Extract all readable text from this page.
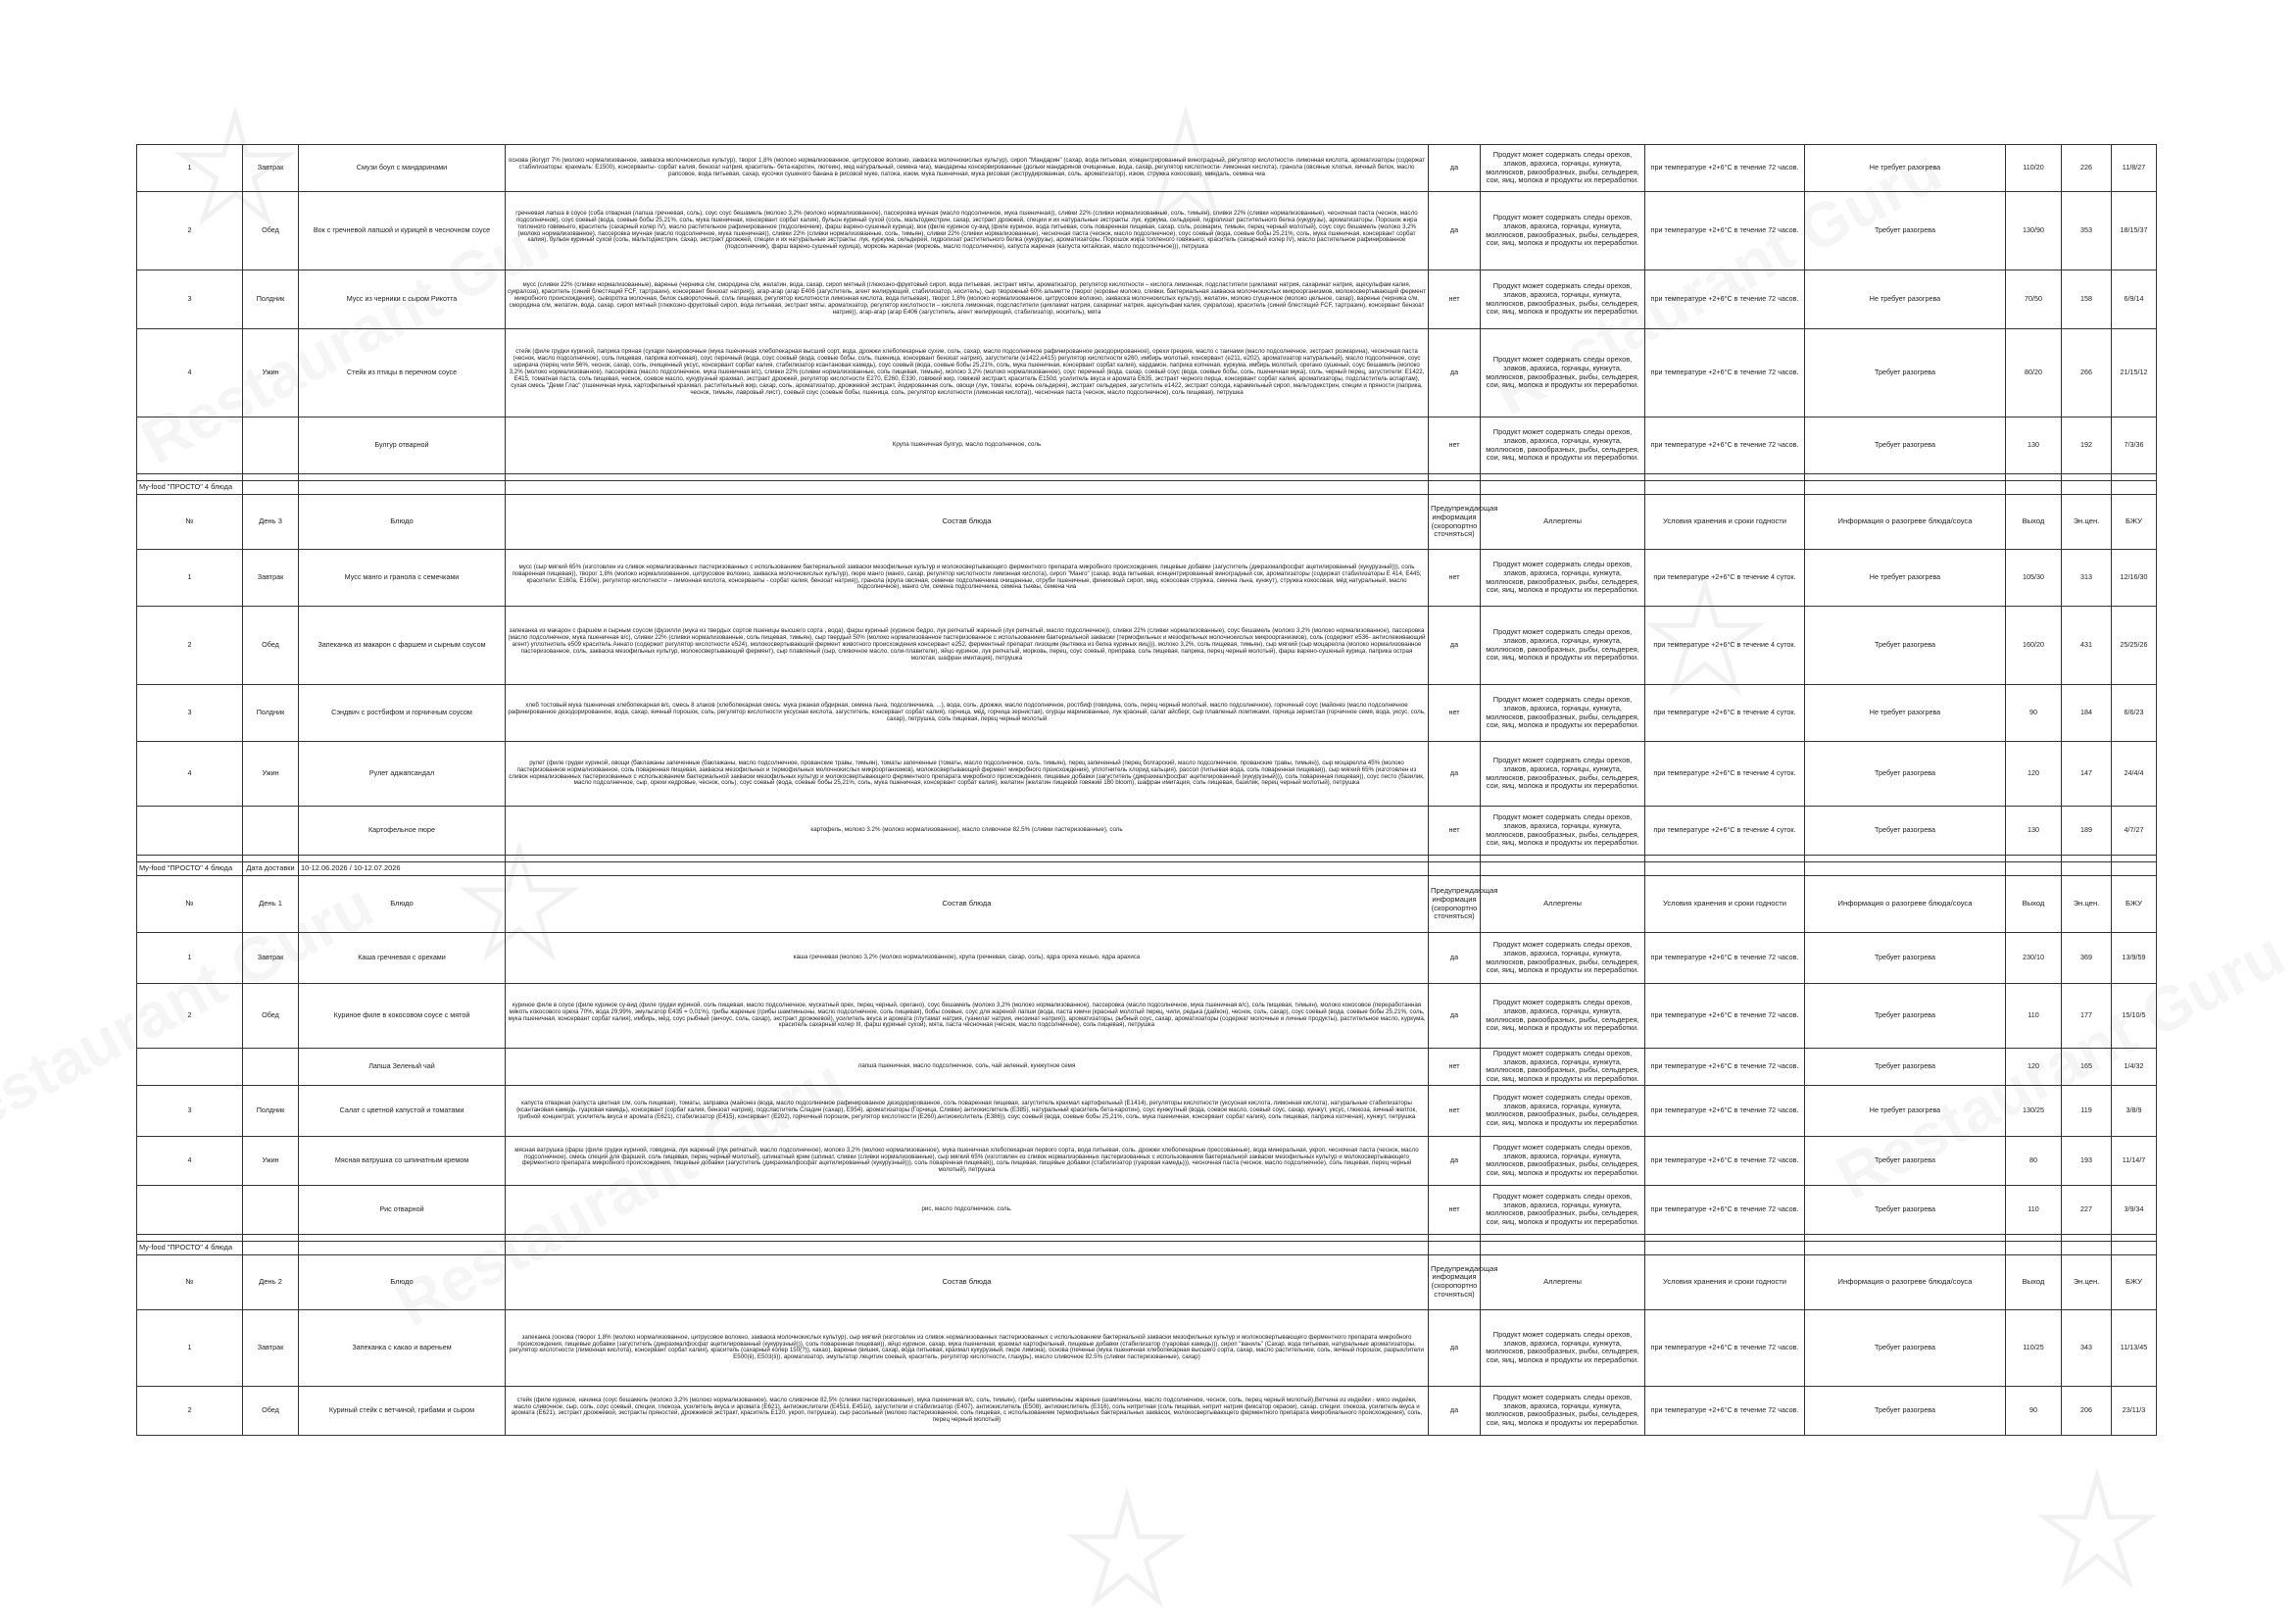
1	Завтрак	Смузи боул с мандаринами	основа (йогурт 7% (молоко нормализованное, закваска молочнокислых культур), творог 1,8% (молоко нормализованное, цитрусовое волокно, закваска молочнокислых культур), сироп "Мандарин" (сахар, вода питьевая, концентрированный виноградный, регулятор кислотности- лимонная кислота, ароматизаторы (содержат стабилизаторы: крахмаль: E1500), консерванты- сорбат калия, бензоат натрия, краситель- бета-каротин, лютеин), мед натуральный, семена чиа), мандарины консервированные (дольки мандаринов очищенные, вода, сахар, регулятор кислотности- лимонная кислота), гранола (овсяные хлопья, яичный белок, масло рапсовое, вода питьевая, сахар, кусочки сушеного банана в рисовой муке, патока, изюм, мука пшеничная, мука рисовая (экструдированная, соль, ароматизатор), изюм, стружка кокосовая), миндаль, семена чиа	да	Продукт может содержать следы орехов, злаков, арахиса, горчицы, кунжута, моллюсков, ракообразных, рыбы, сельдерея, сои, яиц, молока и продукты их переработки.	при температуре +2+6°C в течение 72 часов.	Не требует разогрева	110/20	226	11/8/27
2	Обед	Вок с гречневой лапшой и курицей в чесночном соусе	гречневая лапша в соусе (соба отварная (лапша гречневая, соль), соус соус бешамель (молоко 3,2% (молоко нормализованное), пассеровка мучная (масло подсолнечное, мука пшеничная)), сливки 22% (сливки нормализованные, соль, тимьян), сливки 22% (сливки нормализованные), чесночная паста (чеснок, масло подсолнечное), соус соевый (вода, соевые бобы 25,21%, соль, мука пшеничная, консервант сорбат калия), бульон куриный сухой (соль, мальтодекстрин, сахар, экстракт дрожжей, специи и их натуральные экстракты: лук, куркума, сельдерей, гидролизат растительного белка (кукурузы), ароматизаторы. Порошок жира топленого говяжьего, краситель (сахарный колер IV), масло растительное рафинированное (подсолнечник), фарш варено-сушеный курица), вок (филе куриное су-вид (филе куриное, вода питьевая, соль поваренная пищевая, сахар, соль, розмарин, тимьян, перец черный молотый), соус соус бешамель (молоко 3,2% (молоко нормализованное), пассеровка мучная (масло подсолнечное, мука пшеничная)), сливки 22% (сливки нормализованные, соль, тимьян), сливки 22% (сливки нормализованные), чесночная паста (чеснок, масло подсолнечное), соус соевый (вода, соевые бобы 25,21%, соль, мука пшеничная, консервант сорбат калия), бульон куриный сухой (соль, мальтодекстрин, сахар, экстракт дрожжей, специи и их натуральные экстракты: лук, куркума, сельдерей, гидролизат растительного белка (кукурузы), ароматизаторы. Порошок жира топленого говяжьего, краситель (сахарный колер IV), масло растительное рафинированное (подсолнечник), фарш варено-сушеный курица), морковь жареная (морковь, масло подсолнечное), капуста жареная (капуста китайская, масло подсолнечное))), петрушка	да	Продукт может содержать следы орехов, злаков, арахиса, горчицы, кунжута, моллюсков, ракообразных, рыбы, сельдерея, сои, яиц, молока и продукты их переработки.	при температуре +2+6°C в течение 72 часов.	Требует разогрева	130/90	353	18/15/37
3	Полдник	Мусс из черники с сыром Рикотта	мусс (сливки 22% (сливки нормализованные), варенье (черника с/м, смородина с/м, желатин, вода, сахар, сироп мятный (глюкозно-фруктовый сироп, вода питьевая, экстракт мяты, ароматизатор, регулятор кислотности – кислота лимонная, подсластители (цикламат натрия, сахаринат натрия, ацесульфам калия, сукралоза), краситель (синий блестящий FCF, тартразин), консервант бензоат натрия)), агар-агар (агар E406 (загуститель, агент желирующий, стабилизатор, носитель), сыр творожный 60% альметте (творог (коровье молоко, сливки, бактериальная закваска молочнокислых микроорганизмов, молокосвертывающий фермент микробного происхождения), сыворотка молочная, белок сывороточный, соль пищевая, регулятор кислотности лимонная кислота, вода питьевая), творог 1,8% (молоко нормализованное, цитрусовое волокно, закваска молочнокислых культур), желатин, молоко сгущенное (молоко цельное, сахар), варенье (черника с/м, смородина с/м, желатин, вода, сахар, сироп мятный (глюкозно-фруктовый сироп, вода питьевая, экстракт мяты, ароматизатор, регулятор кислотности – кислота лимонная, подсластители (цикламат натрия, сахаринат натрия, ацесульфам калия, сукралоза), краситель (синий блестящий FCF, тартразин), консервант бензоат натрия)), агар-агар (агар E406 (загуститель, агент желирующий, стабилизатор, носитель), мята	нет	Продукт может содержать следы орехов, злаков, арахиса, горчицы, кунжута, моллюсков, ракообразных, рыбы, сельдерея, сои, яиц, молока и продукты их переработки.	при температуре +2+6°C в течение 72 часов.	Не требует разогрева	70/50	158	6/9/14
4	Ужин	Стейк из птицы в перечном соусе	стейк (филе грудки куриной, паприка пряная (сухари панировочные (мука пшеничная хлебопекарная высший сорт, вода, дрожжи хлебопекарные сухие, соль, сахар, масло подсолнечное рафинированное дезодорированное), орехи грецкие, масло с таинами (масло подсолнечное, экстракт розмарина), чесночная паста (чеснок, масло подсолнечное), соль пищевая, паприка копченая), соус перечный (вода, соус соевый (вода, соевые бобы, соль, пшеница, консервант бензоат натрия), загустители (е1422,е415) регулятор кислотности е260, имбирь молотый, консервант (е211, е202), ароматизатор натуральный), масло подсолнечное, соус шрирача (перец чили 56%, чеснок, сахар, соль, очищенный уксус, консервант сорбат калия, стабилизатор ксантановая камедь), соус соевый (вода, соевые бобы 25,21%, соль, мука пшеничная, консервант сорбат калия), кардамон, паприка копченая, куркума, имбирь молотый, орегано сушеный, соус бешамель (молоко 3,2% (молоко нормализованное), пассеровка (масло подсолнечное, мука пшеничная в/с), сливки 22% (сливки нормализованные, соль пищевая, тимьян), молоко 3,2% (молоко нормализованное), соус перечный (вода, сахар, соевый соус (вода, соевые бобы, соль, пшеничная мука), соль, черный перец, загустители: Е1422, Е415, томатная паста, соль пищевая, чеснок, соевое масло, кукурузный крахмал, экстракт дрожжей, регулятор кислотности Е270, Е260, Е330, говяжий жир, говяжий экстракт, краситель Е150d, усилитель вкуса и аромата Е635, экстракт черного перца, консервант сорбат калия, ароматизаторы, подсластитель аспартам), сухая смесь "Деми Глас" (пшеничная мука, картофельный крахмал, растительный жир, сахар, соль, ароматизатор, дрожжевой экстракт, йодированная соль, овощи (лук, томаты, корень сельдерея), экстракт сельдерея, загуститель е1422, экстракт солода, карамельный сироп, мальтодекстрин, специи и пряности (паприка, чеснок, тимьян, лавровый лист), соевый соус (соевые бобы, пшеница, соль, регулятор кислотности (лимонная кислота)), чесночная паста (чеснок, масло подсолнечное), соль пищевая), петрушка	да	Продукт может содержать следы орехов, злаков, арахиса, горчицы, кунжута, моллюсков, ракообразных, рыбы, сельдерея, сои, яиц, молока и продукты их переработки.	при температуре +2+6°C в течение 72 часов.	Требует разогрева	80/20	266	21/15/12
		Булгур отварной	Крупа пшеничная булгур, масло подсолнечное, соль	нет	Продукт может содержать следы орехов, злаков, арахиса, горчицы, кунжута, моллюсков, ракообразных, рыбы, сельдерея, сои, яиц, молока и продукты их переработки.	при температуре +2+6°C в течение 72 часов.	Требует разогрева	130	192	7/3/36

My-food "ПРОСТО" 4 блюда										
№	День 3	Блюдо	Состав блюда	Предупреждающая информация (скоропортно сточняться)	Аллергены	Условия хранения и сроки годности	Информация о разогреве блюда/соуса	Выход	Эн.цен.	БЖУ
1	Завтрак	Мусс манго и гранола с семечками	мусс (сыр мягкий 65% (изготовлен из сливок нормализованных пастеризованных с использованием бактериальной закваски мезофильных культур и молокосвертывающего ферментного препарата микробного происхождения, пищевые добавки (загуститель (дикрахмалфосфат ацетилированный (кукурузный))), соль поваренная пищевая)), творог 1,8% (молоко нормализованное, цитрусовое волокно, закваска молочнокислых культур), пюре манго (манго, сахар, регулятор кислотности лимонная кислота), сироп "Манго" (сахар, вода питьевая, концентрированный виноградный сок, ароматизаторы (содержат стабилизаторы Е 414, Е445; красители: Е160а, Е160е), регулятор кислотности – лимонная кислота, консерванты - сорбат калия, бензоат натрия)), гранола (крупа овсяная, семечки подсолнечника очищенные, отруби пшеничные, финиковый сироп, мед, кокосовая стружка, семена льна, кунжут), стружка кокосовая, мёд натуральный, масло подсолнечное), манго с/м, семена подсолнечника, семена тыквы, семена чиа	нет	Продукт может содержать следы орехов, злаков, арахиса, горчицы, кунжута, моллюсков, ракообразных, рыбы, сельдерея, сои, яиц, молока и продукты их переработки.	при температуре +2+6°C в течение 4 суток.	Не требует разогрева	105/30	313	12/16/30
2	Обед	Запеканка из макарон с фаршем и сырным соусом	запеканка из макарон с фаршем и сырным соусом (фузилли (мука из твердых сортов пшеницы высшего сорта , вода), фарш куриный (куриное бедро, лук репчатый жареный (лук репчатый, масло подсолнечное)), сливки 22% (сливки нормализованные), соус бешамель (молоко 3,2% (молоко нормализованное), пассеровка (масло подсолнечное, мука пшеничная в/с), сливки 22% (сливки нормализованные, соль пищевая, тимьян), сыр твердый 50% (молоко нормализованное пастеризованное с использованием бактериальной закваски (термофильных и мезофильных молочнокислых микроорганизмов), соль (содержит е536- антислеживающий агент) уплотнитель е509 краситель Аннато (содержит регулятор кислотности е524), молокосвертывающий фермент животного происхождения консервант е252, ферментный препарат лизоцим (вытяжка из белка куриных яиц))), молоко 3,2%, соль пищевая, тимьян), сыр мягкий (сыр моцарелла (молоко нормализованное пастеризованное, соль, закваска мезофильных культур, молокосвертывающий фермент), сыр плавленый (сыр, сливочное масло, соли-плавители), яйцо куриное, лук репчатый, морковь, перец, соус соевый, приправа, соль пищевая, паприка, перец черный молотый), фарш варено-сушеный курица, паприка острая молотая, шафран имитация), петрушка	да	Продукт может содержать следы орехов, злаков, арахиса, горчицы, кунжута, моллюсков, ракообразных, рыбы, сельдерея, сои, яиц, молока и продукты их переработки.	при температуре +2+6°C в течение 4 суток.	Требует разогрева	160/20	431	25/25/26
3	Полдник	Сэндвич с ростбифом и горчичным соусом	хлеб тостовый мука пшеничная хлебопекарная в/с, смесь 8 злаков (хлебопекарная смесь: мука ржаная обдирная, семена льна, подсолнечника, ...), вода, соль, дрожжи, масло подсолнечное, ростбиф (говядина, соль, перец черный молотый, масло подсолнечное), горчичный соус (майонез (масло подсолнечное рафинированное дезодорированное, вода, сахар, яичный порошок, соль, регулятор кислотности уксусная кислота, загуститель, консервант сорбат калия), горчица, мёд, горчица зернистая), огурцы маринованные, лук красный, салат айсберг, сыр плавленый ломтиками, горчица зернистая (горчичное семя, вода, уксус, соль, сахар), петрушка, соль пищевая, перец черный молотый	нет	Продукт может содержать следы орехов, злаков, арахиса, горчицы, кунжута, моллюсков, ракообразных, рыбы, сельдерея, сои, яиц, молока и продукты их переработки.	при температуре +2+6°C в течение 4 суток.	Не требует разогрева	90	184	6/6/23
4	Ужин	Рулет аджапсандал	рулет (филе грудки куриной, овощи (баклажаны запеченные (баклажаны, масло подсолнечное, прованские травы, тимьян), томаты запеченные (томаты, масло подсолнечное, соль, тимьян), перец запеченный (перец болгарский, масло подсолнечное, прованские травы, тимьян)), сыр моцарелла 45% (молоко пастеризованное нормализованное, соль поваренная пищевая, закваска мезофильных и термофильных молочнокислых микроорганизмов), молокосвертывающий фермент микробного происхождения), уплотнитель хлорид кальция), рассол (питьевая вода, соль поваренная пищевая)), сыр мягкий 65% (изготовлен из сливок нормализованных пастеризованных с использованием бактериальной закваски мезофильных культур и молокосвертывающего ферментного препарата микробного происхождения, пищевые добавки (загуститель (дикрахмалфосфат ацетилированный (кукурузный))), соль поваренная пищевая)), соус песто (базилик, масло подсолнечное, сыр, орехи кедровые, чеснок, соль), соус соевый (вода, соевые бобы 25,21%, соль, мука пшеничная, консервант сорбат калия), желатин (желатин пищевой говяжий 180 bloom), шафран имитация, соль пищевая, базилик, перец черный молотый), петрушка	да	Продукт может содержать следы орехов, злаков, арахиса, горчицы, кунжута, моллюсков, ракообразных, рыбы, сельдерея, сои, яиц, молока и продукты их переработки.	при температуре +2+6°C в течение 4 суток.	Требует разогрева	120	147	24/4/4
		Картофельное пюре	картофель, молоко 3.2% (молоко нормализованное), масло сливочное 82.5% (сливки пастеризованные), соль	нет	Продукт может содержать следы орехов, злаков, арахиса, горчицы, кунжута, моллюсков, ракообразных, рыбы, сельдерея, сои, яиц, молока и продукты их переработки.	при температуре +2+6°C в течение 4 суток.	Требует разогрева	130	189	4/7/27

My-food "ПРОСТО" 4 блюда	Дата доставки	10-12.06.2026 / 10-12.07.2026								
№	День 1	Блюдо	Состав блюда	Предупреждающая информация (скоропортно сточняться)	Аллергены	Условия хранения и сроки годности	Информация о разогреве блюда/соуса	Выход	Эн.цен.	БЖУ
1	Завтрак	Каша гречневая с орехами	каша гречневая (молоко 3,2% (молоко нормализованное), крупа гречневая, сахар, соль), ядра ореха кешью, ядра арахиса	да	Продукт может содержать следы орехов, злаков, арахиса, горчицы, кунжута, моллюсков, ракообразных, рыбы, сельдерея, сои, яиц, молока и продукты их переработки.	при температуре +2+6°C в течение 72 часов.	Требует разогрева	230/10	369	13/9/59
2	Обед	Куриное филе в кокосовом соусе с мятой	куриное филе в соусе (филе куриное су-вид (филе грудки куриной, соль пищевая, масло подсолнечное, мускатный орех, перец черный, орегано), соус бешамель (молоко 3,2% (молоко нормализованное), пассеровка (масло подсолнечное, мука пшеничная в/с), соль пищевая, тимьян), молоко кокосовое (переработанная мякоть кокосового ореха 70%, вода 29,99%, эмульгатор Е435 = 0,01%), грибы жареные (грибы шампиньоны, масло подсолнечное, соль пищевая), бобы соевые, соус для жареной лапши (вода, паста кимчи (красный молотый перец, чили, редька (дайкон), чеснок, соль, сахар), соус соевый (вода, соевые бобы 25,21%, соль, мука пшеничная, консервант сорбат калия), имбирь, мёд, соус рыбный (анчоус, соль, сахар), экстракт дрожжевой), усилитель вкуса и аромата (глутамат натрия, гуанилат натрия, инозинат натрия)), ароматизаторы, рыбный соус, сахар, ароматизаторы (содержат молочные и личные продукты), растительное масло, куркума, краситель сахарный колер III, фарш куриный сухой), мята, паста чесночная (чеснок, масло подсолнечное), соль пищевая), петрушка	да	Продукт может содержать следы орехов, злаков, арахиса, горчицы, кунжута, моллюсков, ракообразных, рыбы, сельдерея, сои, яиц, молока и продукты их переработки.	при температуре +2+6°C в течение 72 часов.	Требует разогрева	110	177	15/10/5
		Лапша Зеленый чай	лапша пшеничная, масло подсолнечное, соль, чай зеленый, кунжутное семя	нет	Продукт может содержать следы орехов, злаков, арахиса, горчицы, кунжута, моллюсков, ракообразных, рыбы, сельдерея, сои, яиц, молока и продукты их переработки.	при температуре +2+6°C в течение 72 часов.	Требует разогрева	120	165	1/4/32
3	Полдник	Салат с цветной капустой и томатами	капуста отварная (капуста цветная с/м, соль пищевая), томаты, заправка (майонез (вода, масло подсолнечное рафинированное дезодорированное, соль поваренная пищевая, загуститель крахмал картофельный (Е1414), регуляторы кислотности (уксусная кислота, лимонная кислота), натуральные стабилизаторы (ксантановая камедь, гуаровая камедь), консервант (сорбат калия, бензоат натрия), подсластитель Сладин (сахар), Е954), ароматизаторы (Горчица, Сливки) антиокислитель (Е385), натуральный краситель бета-каротин), соус кунжутный (вода, соевое масло, соевый соус, сахар, кунжут, уксус, глюкоза, яичный желток, грибной концентрат, усилитель вкуса и аромата (Е621), стабилизатор (Е415), консервант (Е202), горчичный порошок, регулятор кислотности (Е260),антиокислитель (Е386)), соус соевый (вода, соевые бобы 25,21%, соль, мука пшеничная, консервант сорбат калия), соль пищевая, паприка копченая), кунжут, петрушка	нет	Продукт может содержать следы орехов, злаков, арахиса, горчицы, кунжута, моллюсков, ракообразных, рыбы, сельдерея, сои, яиц, молока и продукты их переработки.	при температуре +2+6°C в течение 72 часов.	Не требует разогрева	130/25	119	3/8/9
4	Ужин	Мясная ватрушка со шпинатным кремом	мясная ватрушка (фарш (филе грудки куриной, говядина, лук жареный (лук репчатый, масло подсолнечное), молоко 3,2% (молоко нормализованное), мука пшеничная хлебопекарная первого сорта, вода питьевая, соль, дрожжи хлебопекарные прессованные), вода минеральная, укроп, чесночная паста (чеснок, масло подсолнечное), смесь специй для фаршей, соль пищевая, перец черный молотый), шпинатный крем (шпинат, сливки (сливки нормализованные), сыр мягкий 65% (изготовлен из сливок нормализованных пастеризованных с использованием бактериальной закваски мезофильных культур и молокосвертывающего ферментного препарата микробного происхождения, пищевые добавки (загуститель (дикрахмалфосфат ацетилированный (кукурузный))), соль поваренная пищевая)), соль пищевая, пищевые добавки (стабилизатор (гуаровая камедь))), чесночная паста (чеснок, масло подсолнечное), соль пищевая, перец черный молотый), петрушка	да	Продукт может содержать следы орехов, злаков, арахиса, горчицы, кунжута, моллюсков, ракообразных, рыбы, сельдерея, сои, яиц, молока и продукты их переработки.	при температуре +2+6°C в течение 72 часов.	Требует разогрева	80	193	11/14/7
		Рис отварной	рис, масло подсолнечное, соль.	нет	Продукт может содержать следы орехов, злаков, арахиса, горчицы, кунжута, моллюсков, ракообразных, рыбы, сельдерея, сои, яиц, молока и продукты их переработки.	при температуре +2+6°C в течение 72 часов.	Требует разогрева	110	227	3/9/34

My-food "ПРОСТО" 4 блюда										
№	День 2	Блюдо	Состав блюда	Предупреждающая информация (скоропортно сточняться)	Аллергены	Условия хранения и сроки годности	Информация о разогреве блюда/соуса	Выход	Эн.цен.	БЖУ
1	Завтрак	Запеканка с какао и вареньем	запеканка (основа (творог 1,8% (молоко нормализованное, цитрусовое волокно, закваска молочнокислых культур), сыр мягкий (изготовлен из сливок нормализованных пастеризованных с использованием бактериальной закваски мезофильных культур и молокосвертывающего ферментного препарата микробного происхождения, пищевые добавки (загуститель (дикрахмалфосфат ацетилированный (кукурузный))), соль поваренная пищевая)), яйцо куриное, сахар, мука пшеничная, крахмал картофельный, пищевые добавки (стабилизатор (гуаровая камедь))), сироп "ваниль" (Сахар, вода питьевая, натуральные ароматизаторы, регулятор кислотности (лимонная кислота), консервант сорбат калия), краситель (сахарный колер 150(?)), какао), варенье (вишня, сахар, вода питьевая, крахмал кукурузный, пюре лимона), основа (печенье (мука пшеничная хлебопекарная высшего сорта, сахар, масло растительное, соль, яичный порошок, разрыхлители Е500(ii), Е503(ii)), ароматизатор, эмульгатор лецитин соевый, краситель, регулятор кислотности, глазурь), масло сливочное 82.5% (сливки пастеризованные), сахар)	да	Продукт может содержать следы орехов, злаков, арахиса, горчицы, кунжута, моллюсков, ракообразных, рыбы, сельдерея, сои, яиц, молока и продукты их переработки.	при температуре +2+6°C в течение 72 часов.	Требует разогрева	110/25	343	11/13/45
2	Обед	Куриный стейк с ветчиной, грибами и сыром	стейк (филе куриное, начинка (соус бешамель (молоко 3,2% (молоко нормализованное), масло сливочное 82,5% (сливки пастеризованные), мука пшеничная в/с, соль, тимьян), грибы шампиньоны жареные (шампиньоны, масло подсолнечное, чеснок, соль, перец черный молотый),Ветчина из индейки - мясо индейки, масло сливочное, сыр, соль, соус соевый, специи, глюкоза, усилитель вкуса и аромата (Е621), антиокислители (Е451іі, Е451іі), загустители и стабилизатор (Е407), антиокислитель (Е508), антиокислитель (Е316), соль нитритная (соль пищевая, нитрит натрия фиксатор окраски), сахар, специи: глюкоза, усилитель вкуса и аромата (Е621), экстракт дрожжевой, экстракты пряностей, дрожжевой экстракт, краситель Е120, укроп, петрушка), сыр расольный (молоко пастеризованное, соль пищевая, с использованием термофильных бактериальных заквасок, молокосвертывающего ферментного препарата микробиального происхождения), соль, перец черный молотый)	да	Продукт может содержать следы орехов, злаков, арахиса, горчицы, кунжута, моллюсков, ракообразных, рыбы, сельдерея, сои, яиц, молока и продукты их переработки.	при температуре +2+6°C в течение 72 часов.	Требует разогрева	90	206	23/11/3
